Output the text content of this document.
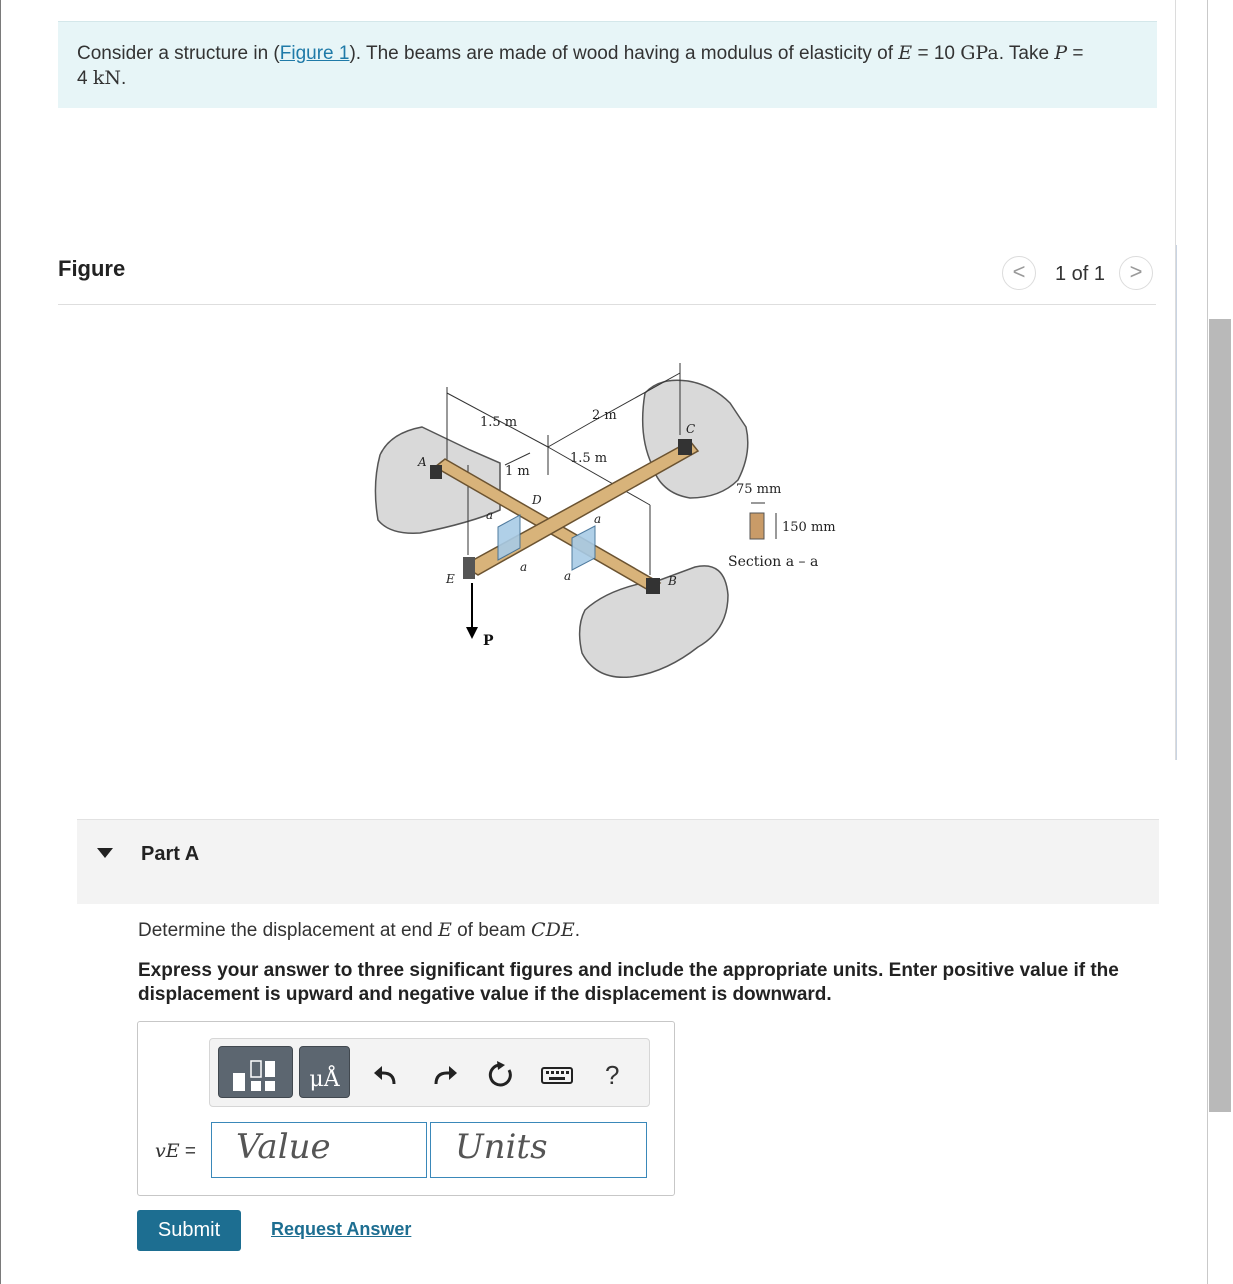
Consider a structure in (Figure 1). The beams are made of wood having a modulus of elasticity of E = 10 GPa. Take P =
4 kN.
Figure	<	1 of 1	>
1.5 m	2 m
1.5 m
1 m
75 mm
150 mm
Section a – a
A
B
C
D
E
a
a
a
a
P
Part A
Determine the displacement at end E of beam CDE.
Express your answer to three significant figures and include the appropriate units. Enter positive value if the displacement is upward and negative value if the displacement is downward.
μÅ	?
vE =	Value	Units
Submit	Request Answer
